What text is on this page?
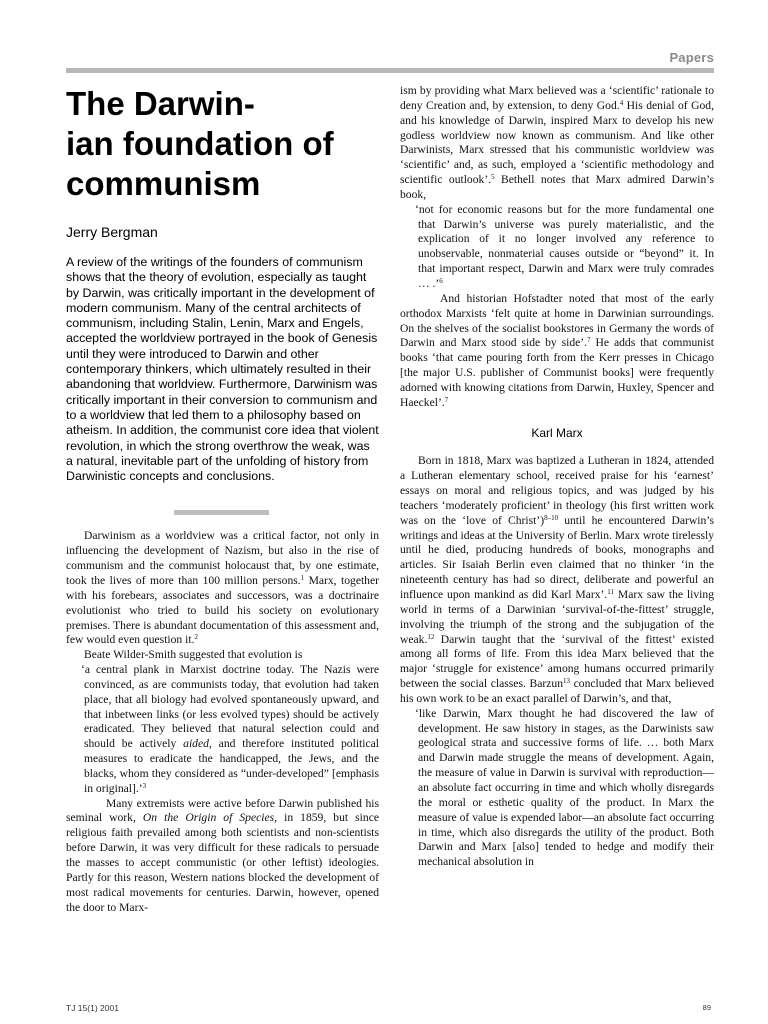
Papers
The Darwin-
ian foundation of
communism
Jerry Bergman
A review of the writings of the founders of communism shows that the theory of evolution, especially as taught by Darwin, was critically important in the development of modern communism. Many of the central architects of communism, including Stalin, Lenin, Marx and Engels, accepted the worldview portrayed in the book of Genesis until they were introduced to Darwin and other contemporary thinkers, which ultimately resulted in their abandoning that worldview. Furthermore, Darwinism was critically important in their conversion to communism and to a worldview that led them to a philosophy based on atheism. In addition, the communist core idea that violent revolution, in which the strong overthrow the weak, was a natural, inevitable part of the unfolding of history from Darwinistic concepts and conclusions.

Darwinism as a worldview was a critical factor, not only in influencing the development of Nazism, but also in the rise of communism and the communist holocaust that, by one estimate, took the lives of more than 100 million persons.$^1$ Marx, together with his forebears, associates and successors, was a doctrinaire evolutionist who tried to build his society on evolutionary premises. There is abundant documentation of this assessment and, few would even question it.$^2$

Beate Wilder-Smith suggested that evolution is

‘a central plank in Marxist doctrine today. The Nazis were convinced, as are communists today, that evolution had taken place, that all biology had evolved spontaneously upward, and that inbetween links (or less evolved types) should be actively eradicated. They believed that natural selection could and should be actively aided, and therefore instituted political measures to eradicate the handicapped, the Jews, and the blacks, whom they considered as “under-developed” [emphasis in original].’$^3$

Many extremists were active before Darwin published his seminal work, On the Origin of Species, in 1859, but since religious faith prevailed among both scientists and non-scientists before Darwin, it was very difficult for these radicals to persuade the masses to accept communistic (or other leftist) ideologies. Partly for this reason, Western nations blocked the development of most radical movements for centuries. Darwin, however, opened the door to Marx-

ism by providing what Marx believed was a ‘scientific’ rationale to deny Creation and, by extension, to deny God.$^4$ His denial of God, and his knowledge of Darwin, inspired Marx to develop his new godless worldview now known as communism. And like other Darwinists, Marx stressed that his communistic worldview was ‘scientific’ and, as such, employed a ‘scientific methodology and scientific outlook’.$^5$ Bethell notes that Marx admired Darwin’s book,

‘not for economic reasons but for the more fundamental one that Darwin’s universe was purely materialistic, and the explication of it no longer involved any reference to unobservable, nonmaterial causes outside or “beyond” it. In that important respect, Darwin and Marx were truly comrades … .’$^6$

And historian Hofstadter noted that most of the early orthodox Marxists ‘felt quite at home in Darwinian surroundings. On the shelves of the socialist bookstores in Germany the words of Darwin and Marx stood side by side’.$^7$ He adds that communist books ‘that came pouring forth from the Kerr presses in Chicago [the major U.S. publisher of Communist books] were frequently adorned with knowing citations from Darwin, Huxley, Spencer and Haeckel’.$^7$

Karl Marx

Born in 1818, Marx was baptized a Lutheran in 1824, attended a Lutheran elementary school, received praise for his ‘earnest’ essays on moral and religious topics, and was judged by his teachers ‘moderately proficient’ in theology (his first written work was on the ‘love of Christ’)$^{8-10}$ until he encountered Darwin’s writings and ideas at the University of Berlin. Marx wrote tirelessly until he died, producing hundreds of books, monographs and articles. Sir Isaiah Berlin even claimed that no thinker ‘in the nineteenth century has had so direct, deliberate and powerful an influence upon mankind as did Karl Marx’.$^{11}$ Marx saw the living world in terms of a Darwinian ‘survival-of-the-fittest’ struggle, involving the triumph of the strong and the subjugation of the weak.$^{12}$ Darwin taught that the ‘survival of the fittest’ existed among all forms of life. From this idea Marx believed that the major ‘struggle for existence’ among humans occurred primarily between the social classes. Barzun$^{13}$ concluded that Marx believed his own work to be an exact parallel of Darwin’s, and that,

‘like Darwin, Marx thought he had discovered the law of development. He saw history in stages, as the Darwinists saw geological strata and successive forms of life. … both Marx and Darwin made struggle the means of development. Again, the measure of value in Darwin is survival with reproduction—an absolute fact occurring in time and which wholly disregards the moral or esthetic quality of the product. In Marx the measure of value is expended labor—an absolute fact occurring in time, which also disregards the utility of the product. Both Darwin and Marx [also] tended to hedge and modify their mechanical absolution in
TJ 15(1) 2001	89
